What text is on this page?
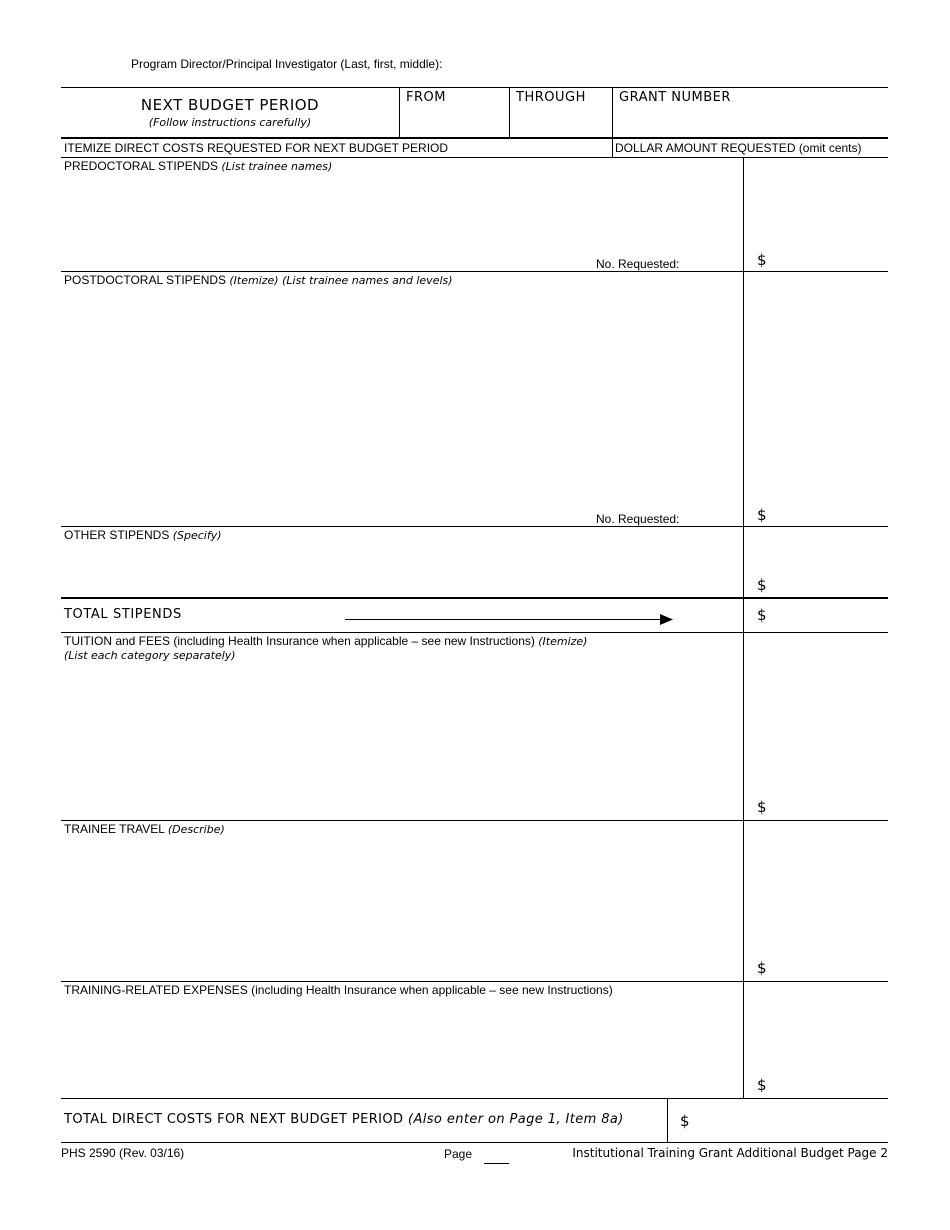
Program Director/Principal Investigator (Last, first, middle):
NEXT BUDGET PERIOD
(Follow instructions carefully)
FROM	THROUGH	GRANT NUMBER
ITEMIZE DIRECT COSTS REQUESTED FOR NEXT BUDGET PERIOD	DOLLAR AMOUNT REQUESTED (omit cents)
PREDOCTORAL STIPENDS (List trainee names)
No. Requested:	$
POSTDOCTORAL STIPENDS (Itemize) (List trainee names and levels)
No. Requested:	$
OTHER STIPENDS (Specify)
$
TOTAL STIPENDS	$
TUITION and FEES (including Health Insurance when applicable – see new Instructions) (Itemize)
(List each category separately)
$
TRAINEE TRAVEL (Describe)
$
TRAINING-RELATED EXPENSES (including Health Insurance when applicable – see new Instructions)
$
TOTAL DIRECT COSTS FOR NEXT BUDGET PERIOD (Also enter on Page 1, Item 8a)	$
PHS 2590 (Rev. 03/16)	Page	Institutional Training Grant Additional Budget Page 2
